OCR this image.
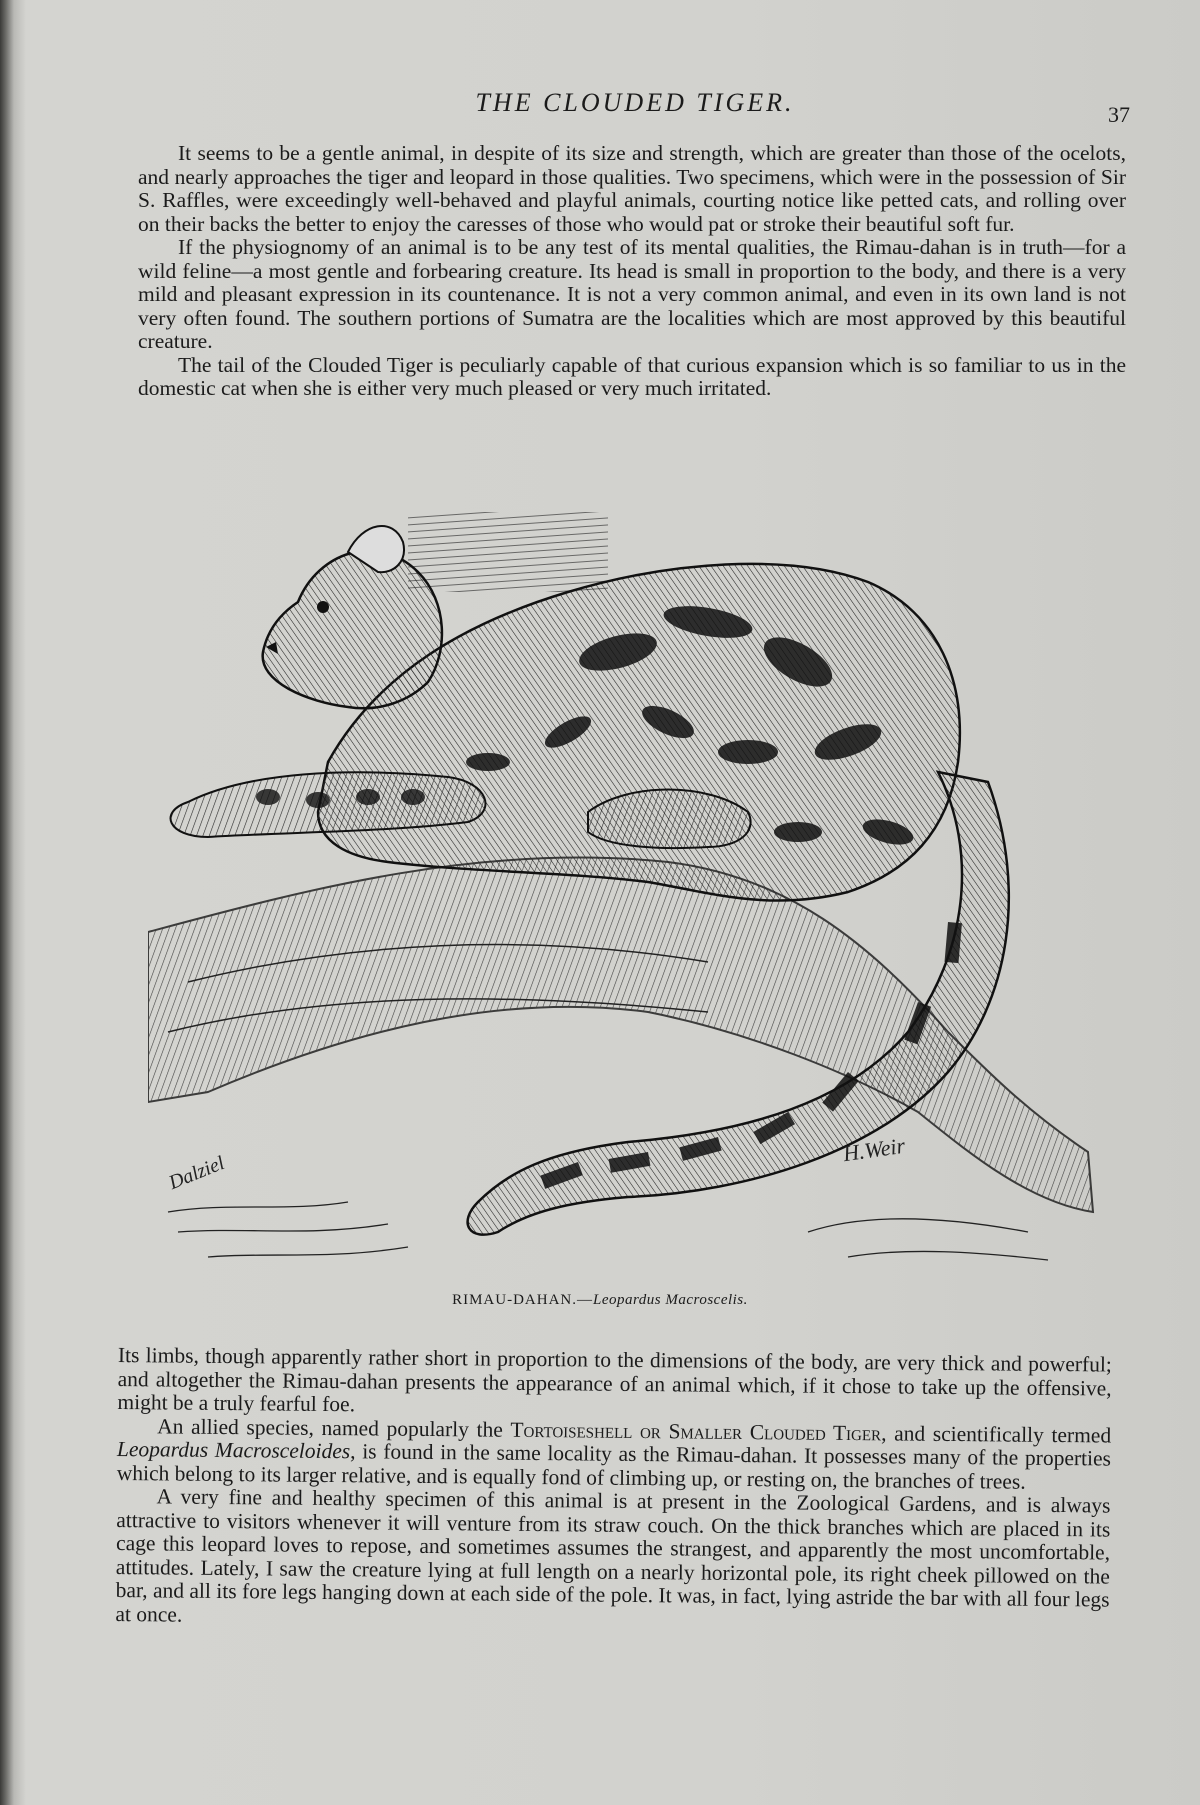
THE CLOUDED TIGER.	37

It seems to be a gentle animal, in despite of its size and strength, which are greater than those of the ocelots, and nearly approaches the tiger and leopard in those qualities. Two specimens, which were in the possession of Sir S. Raffles, were exceedingly well-behaved and playful animals, courting notice like petted cats, and rolling over on their backs the better to enjoy the caresses of those who would pat or stroke their beautiful soft fur.

If the physiognomy of an animal is to be any test of its mental qualities, the Rimau-dahan is in truth—for a wild feline—a most gentle and forbearing creature. Its head is small in proportion to the body, and there is a very mild and pleasant expression in its countenance. It is not a very common animal, and even in its own land is not very often found. The southern portions of Sumatra are the localities which are most approved by this beautiful creature.

The tail of the Clouded Tiger is peculiarly capable of that curious expansion which is so familiar to us in the domestic cat when she is either very much pleased or very much irritated.

Dalziel
H.Weir
RIMAU-DAHAN.—Leopardus Macroscelis.

Its limbs, though apparently rather short in proportion to the dimensions of the body, are very thick and powerful; and altogether the Rimau-dahan presents the appearance of an animal which, if it chose to take up the offensive, might be a truly fearful foe.

An allied species, named popularly the Tortoiseshell or Smaller Clouded Tiger, and scientifically termed Leopardus Macrosceloides, is found in the same locality as the Rimau-dahan. It possesses many of the properties which belong to its larger relative, and is equally fond of climbing up, or resting on, the branches of trees.

A very fine and healthy specimen of this animal is at present in the Zoological Gardens, and is always attractive to visitors whenever it will venture from its straw couch. On the thick branches which are placed in its cage this leopard loves to repose, and sometimes assumes the strangest, and apparently the most uncomfortable, attitudes. Lately, I saw the creature lying at full length on a nearly horizontal pole, its right cheek pillowed on the bar, and all its fore legs hanging down at each side of the pole. It was, in fact, lying astride the bar with all four legs at once.
